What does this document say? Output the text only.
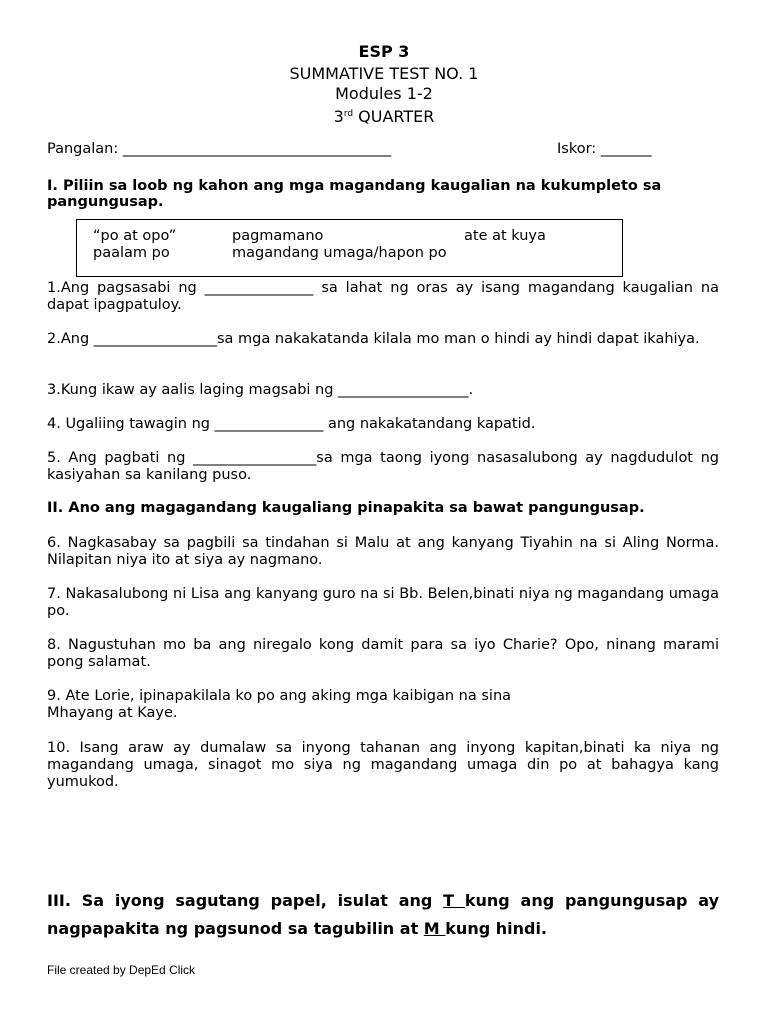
ESP 3
SUMMATIVE TEST NO. 1
Modules 1-2
3rd QUARTER
Pangalan: _____________________________________	Iskor: _______
I. Piliin sa loob ng kahon ang mga magandang kaugalian na kukumpleto sa pangungusap.
“po at opo”	pagmamano	ate at kuya
paalam po	magandang umaga/hapon po
1.Ang pagsasabi ng _______________ sa lahat ng oras ay isang magandang kaugalian na dapat ipagpatuloy.
2.Ang _________________sa mga nakakatanda kilala mo man o hindi ay hindi dapat ikahiya.
3.Kung ikaw ay aalis laging magsabi ng __________________.
4. Ugaliing tawagin ng _______________ ang nakakatandang kapatid.
5. Ang pagbati ng _________________sa mga taong iyong nasasalubong ay nagdudulot ng kasiyahan sa kanilang puso.
II. Ano ang magagandang kaugaliang pinapakita sa bawat pangungusap.
6. Nagkasabay sa pagbili sa tindahan si Malu at ang kanyang Tiyahin na si Aling Norma. Nilapitan niya ito at siya ay nagmano.
7. Nakasalubong ni Lisa ang kanyang guro na si Bb. Belen,binati niya ng magandang umaga po.
8. Nagustuhan mo ba ang niregalo kong damit para sa iyo Charie? Opo, ninang marami pong salamat.
9. Ate Lorie, ipinapakilala ko po ang aking mga kaibigan na sina
Mhayang at Kaye.
10. Isang araw ay dumalaw sa inyong tahanan ang inyong kapitan,binati ka niya ng magandang umaga, sinagot mo siya ng magandang umaga din po at bahagya kang yumukod.
III. Sa iyong sagutang papel, isulat ang T kung ang pangungusap ay nagpapakita ng pagsunod sa tagubilin at M kung hindi.
File created by DepEd Click
